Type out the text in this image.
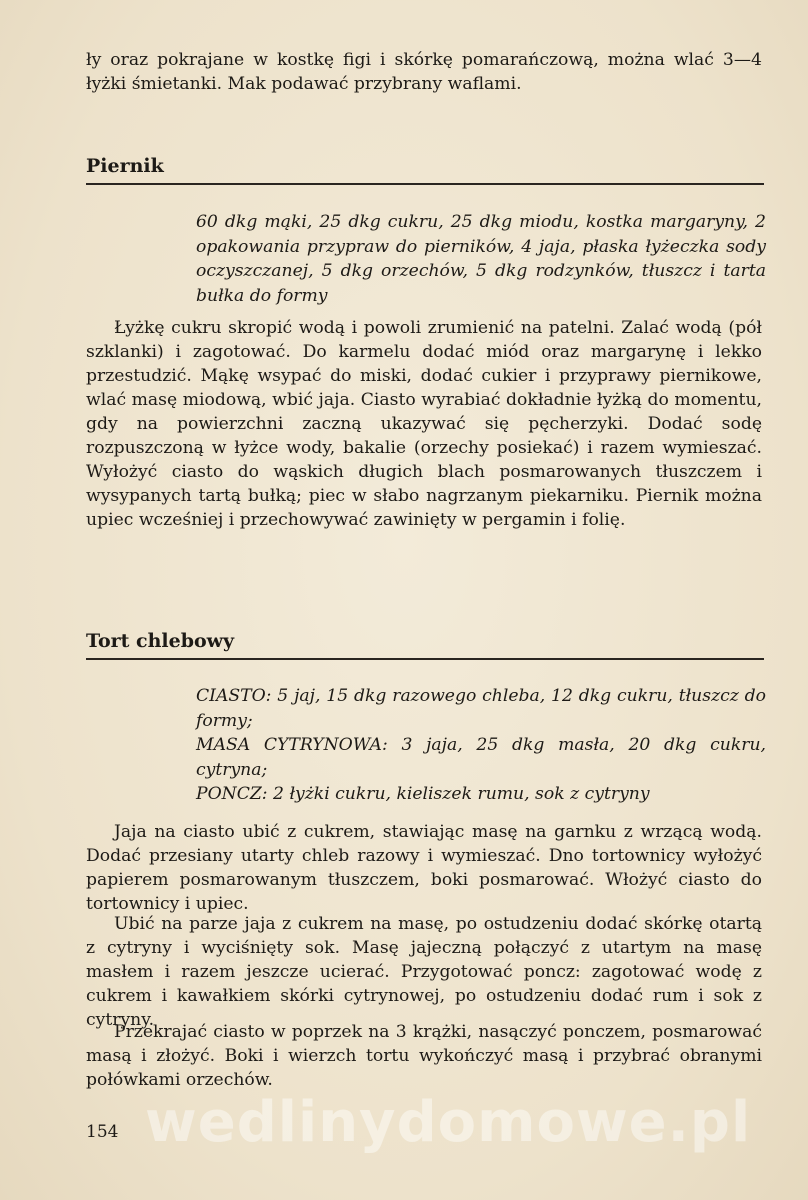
ły oraz pokrajane w kostkę figi i skórkę pomarańczową, można wlać 3—4 łyżki śmietanki. Mak podawać przybrany waflami.

Piernik

60 dkg mąki, 25 dkg cukru, 25 dkg miodu, kostka margaryny, 2 opakowania przypraw do pierników, 4 jaja, płaska łyżeczka sody oczyszczanej, 5 dkg orzechów, 5 dkg rodzynków, tłuszcz i tarta bułka do formy

Łyżkę cukru skropić wodą i powoli zrumienić na patelni. Zalać wodą (pół szklanki) i zagotować. Do karmelu dodać miód oraz margarynę i lekko przestudzić. Mąkę wsypać do miski, dodać cukier i przyprawy piernikowe, wlać masę miodową, wbić jaja. Ciasto wyrabiać dokładnie łyżką do momentu, gdy na powierzchni zaczną ukazywać się pęcherzyki. Dodać sodę rozpuszczoną w łyżce wody, bakalie (orzechy posiekać) i razem wymieszać. Wyłożyć ciasto do wąskich długich blach posmarowanych tłuszczem i wysypanych tartą bułką; piec w słabo nagrzanym piekarniku. Piernik można upiec wcześniej i przechowywać zawinięty w pergamin i folię.

Tort chlebowy

CIASTO: 5 jaj, 15 dkg razowego chleba, 12 dkg cukru, tłuszcz do formy;

MASA CYTRYNOWA: 3 jaja, 25 dkg masła, 20 dkg cukru, cytryna;

PONCZ: 2 łyżki cukru, kieliszek rumu, sok z cytryny

Jaja na ciasto ubić z cukrem, stawiając masę na garnku z wrzącą wodą. Dodać przesiany utarty chleb razowy i wymieszać. Dno tortownicy wyłożyć papierem posmarowanym tłuszczem, boki posmarować. Włożyć ciasto do tortownicy i upiec.

Ubić na parze jaja z cukrem na masę, po ostudzeniu dodać skórkę otartą z cytryny i wyciśnięty sok. Masę jajeczną połączyć z utartym na masę masłem i razem jeszcze ucierać. Przygotować poncz: zagotować wodę z cukrem i kawałkiem skórki cytrynowej, po ostudzeniu dodać rum i sok z cytryny.

Przekrajać ciasto w poprzek na 3 krążki, nasączyć ponczem, posmarować masą i złożyć. Boki i wierzch tortu wykończyć masą i przybrać obranymi połówkami orzechów.

wedlinydomowe.pl

154
